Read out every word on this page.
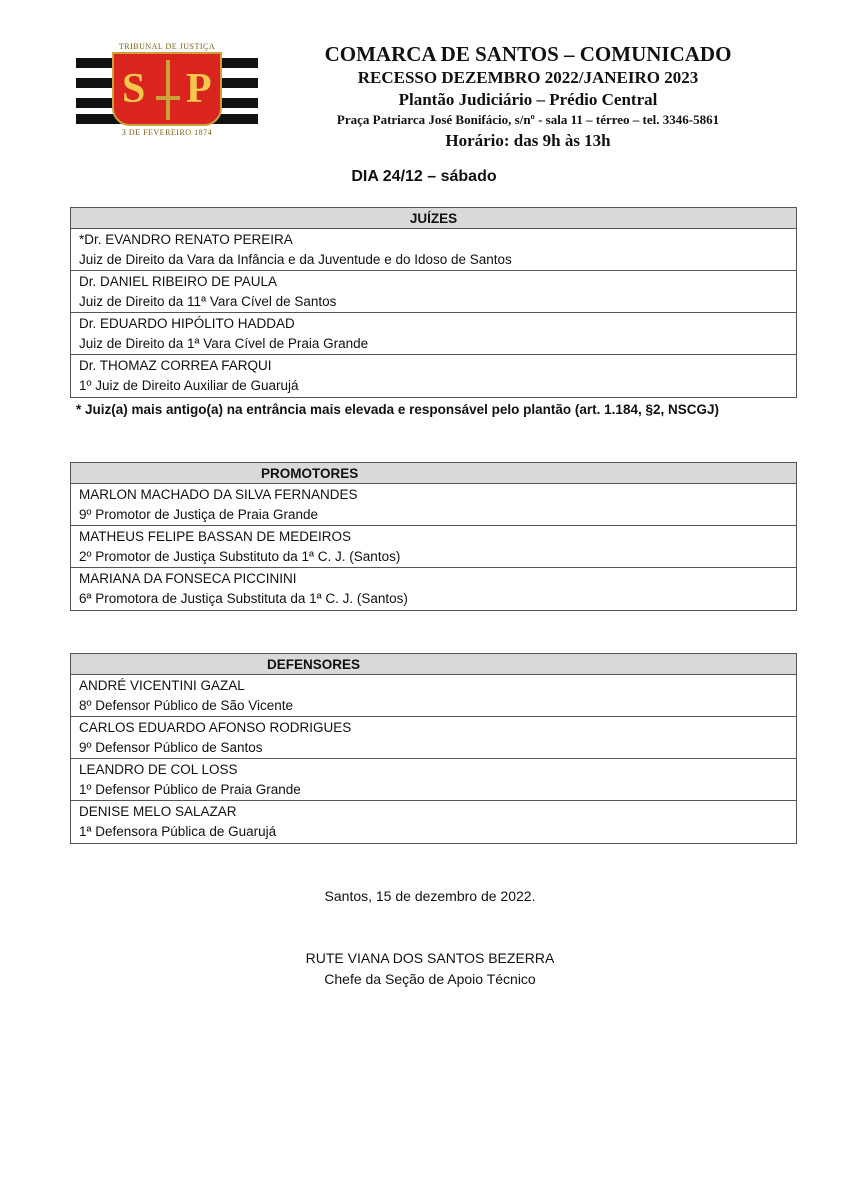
TRIBUNAL DE JUSTIÇA
S P
3 DE FEVEREIRO 1874
COMARCA DE SANTOS – COMUNICADO
RECESSO DEZEMBRO 2022/JANEIRO 2023
Plantão Judiciário – Prédio Central
Praça Patriarca José Bonifácio, s/nº - sala 11 – térreo – tel. 3346-5861
Horário: das 9h às 13h
DIA 24/12 – sábado
JUÍZES
*Dr. EVANDRO RENATO PEREIRA
Juiz de Direito da Vara da Infância e da Juventude e do Idoso de Santos
Dr. DANIEL RIBEIRO DE PAULA
Juiz de Direito da 11ª Vara Cível de Santos
Dr. EDUARDO HIPÓLITO HADDAD
Juiz de Direito da 1ª Vara Cível de Praia Grande
Dr. THOMAZ CORREA FARQUI
1º Juiz de Direito Auxiliar de Guarujá
* Juiz(a) mais antigo(a) na entrância mais elevada e responsável pelo plantão (art. 1.184, §2, NSCGJ)
PROMOTORES
MARLON MACHADO DA SILVA FERNANDES
9º Promotor de Justiça de Praia Grande
MATHEUS FELIPE BASSAN DE MEDEIROS
2º Promotor de Justiça Substituto da 1ª C. J. (Santos)
MARIANA DA FONSECA PICCININI
6ª Promotora de Justiça Substituta da 1ª C. J. (Santos)
DEFENSORES
ANDRÉ VICENTINI GAZAL
8º Defensor Público de São Vicente
CARLOS EDUARDO AFONSO RODRIGUES
9º Defensor Público de Santos
LEANDRO DE COL LOSS
1º Defensor Público de Praia Grande
DENISE MELO SALAZAR
1ª Defensora Pública de Guarujá
Santos, 15 de dezembro de 2022.
RUTE VIANA DOS SANTOS BEZERRA
Chefe da Seção de Apoio Técnico
